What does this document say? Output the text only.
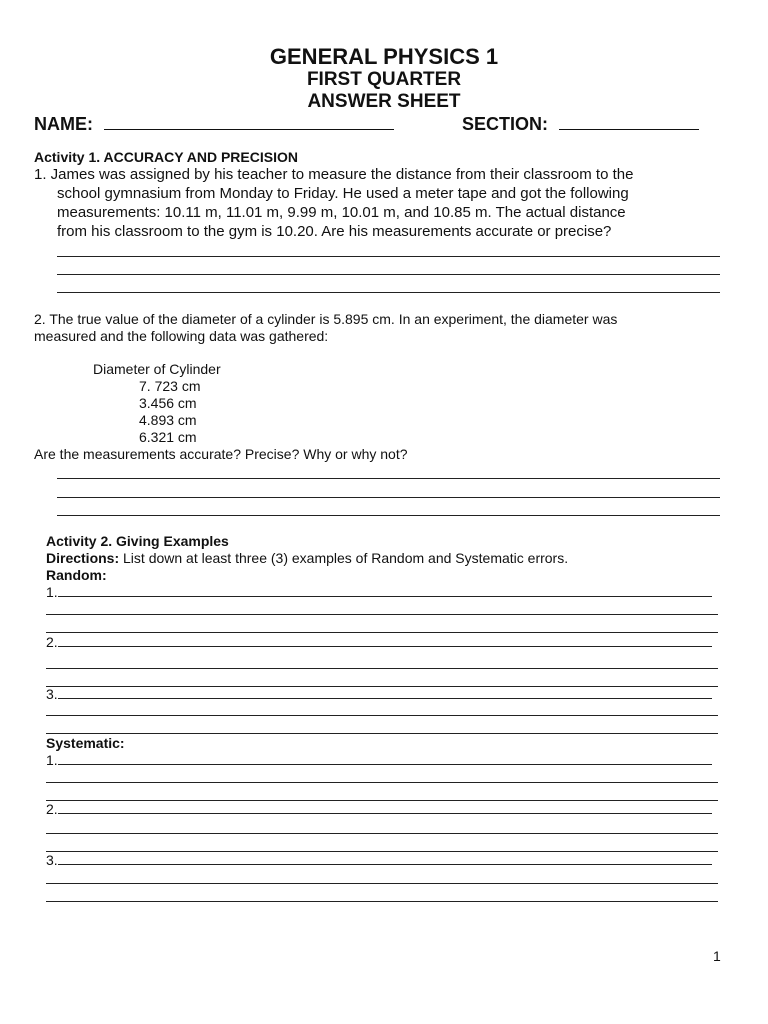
GENERAL PHYSICS 1
FIRST QUARTER
ANSWER SHEET
NAME:	SECTION:
Activity 1. ACCURACY AND PRECISION
1. James was assigned by his teacher to measure the distance from their classroom to the
school gymnasium from Monday to Friday. He used a meter tape and got the following
measurements: 10.11 m, 11.01 m, 9.99 m, 10.01 m, and 10.85 m. The actual distance
from his classroom to the gym is 10.20. Are his measurements accurate or precise?
2. The true value of the diameter of a cylinder is 5.895 cm. In an experiment, the diameter was
measured and the following data was gathered:
Diameter of Cylinder
7. 723 cm
3.456 cm
4.893 cm
6.321 cm
Are the measurements accurate? Precise? Why or why not?
Activity 2. Giving Examples
Directions: List down at least three (3) examples of Random and Systematic errors.
Random:
1.
2.
3.
Systematic:
1.
2.
3.
1
